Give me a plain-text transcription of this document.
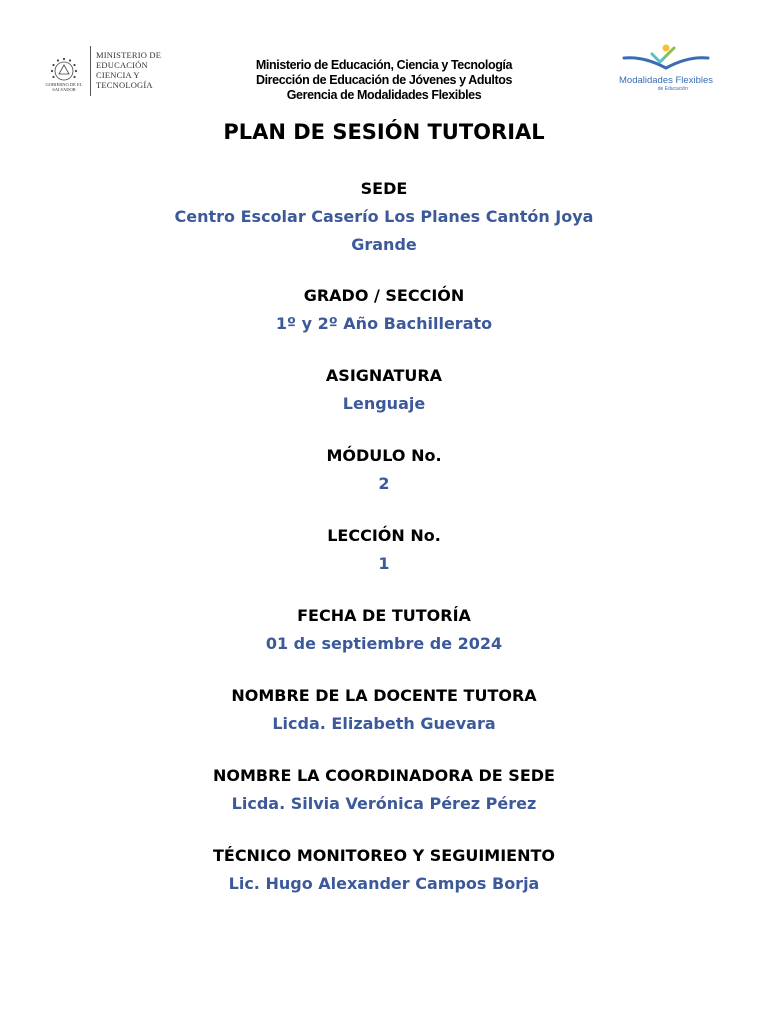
GOBIERNO DE EL SALVADOR
MINISTERIO DE EDUCACIÓN CIENCIA Y TECNOLOGÍA
Ministerio de Educación, Ciencia y Tecnología
Dirección de Educación de Jóvenes y Adultos
Gerencia de Modalidades Flexibles
Modalidades Flexibles
de Educación
PLAN DE SESIÓN TUTORIAL
SEDE
Centro Escolar Caserío Los Planes Cantón Joya Grande
GRADO / SECCIÓN
1º y 2º Año Bachillerato
ASIGNATURA
Lenguaje
MÓDULO No.
2
LECCIÓN No.
1
FECHA DE TUTORÍA
01 de septiembre de 2024
NOMBRE DE LA DOCENTE TUTORA
Licda. Elizabeth Guevara
NOMBRE LA COORDINADORA DE SEDE
Licda. Silvia Verónica Pérez Pérez
TÉCNICO MONITOREO Y SEGUIMIENTO
Lic. Hugo Alexander Campos Borja
